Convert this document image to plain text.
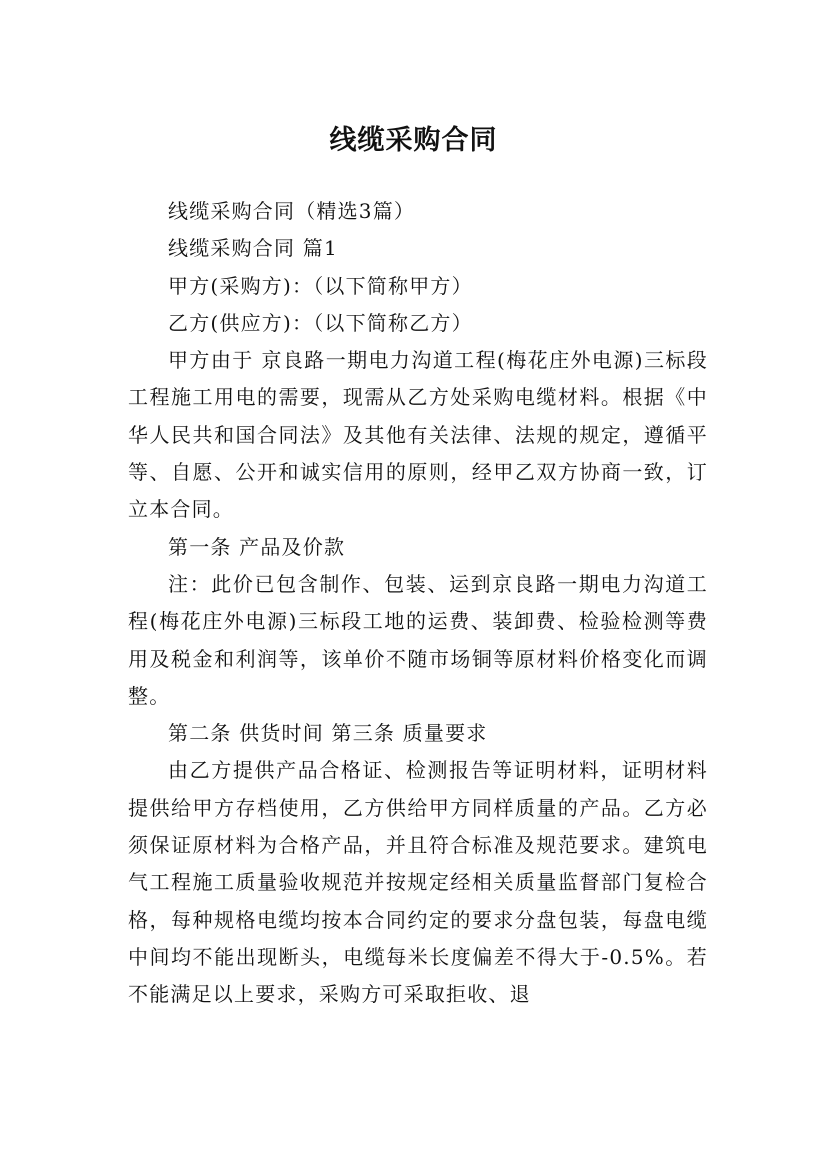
线缆采购合同

线缆采购合同（精选3篇）

线缆采购合同 篇1

甲方(采购方)：（以下简称甲方）

乙方(供应方)：（以下简称乙方）

甲方由于 京良路一期电力沟道工程(梅花庄外电源)三标段 工程施工用电的需要，现需从乙方处采购电缆材料。根据《中华人民共和国合同法》及其他有关法律、法规的规定，遵循平等、自愿、公开和诚实信用的原则，经甲乙双方协商一致，订立本合同。

第一条 产品及价款

注：此价已包含制作、包装、运到京良路一期电力沟道工程(梅花庄外电源)三标段工地的运费、装卸费、检验检测等费用及税金和利润等，该单价不随市场铜等原材料价格变化而调整。

第二条 供货时间 第三条 质量要求

由乙方提供产品合格证、检测报告等证明材料，证明材料提供给甲方存档使用，乙方供给甲方同样质量的产品。乙方必须保证原材料为合格产品，并且符合标准及规范要求。建筑电气工程施工质量验收规范并按规定经相关质量监督部门复检合格，每种规格电缆均按本合同约定的要求分盘包装，每盘电缆中间均不能出现断头，电缆每米长度偏差不得大于-0.5%。若不能满足以上要求，采购方可采取拒收、退
